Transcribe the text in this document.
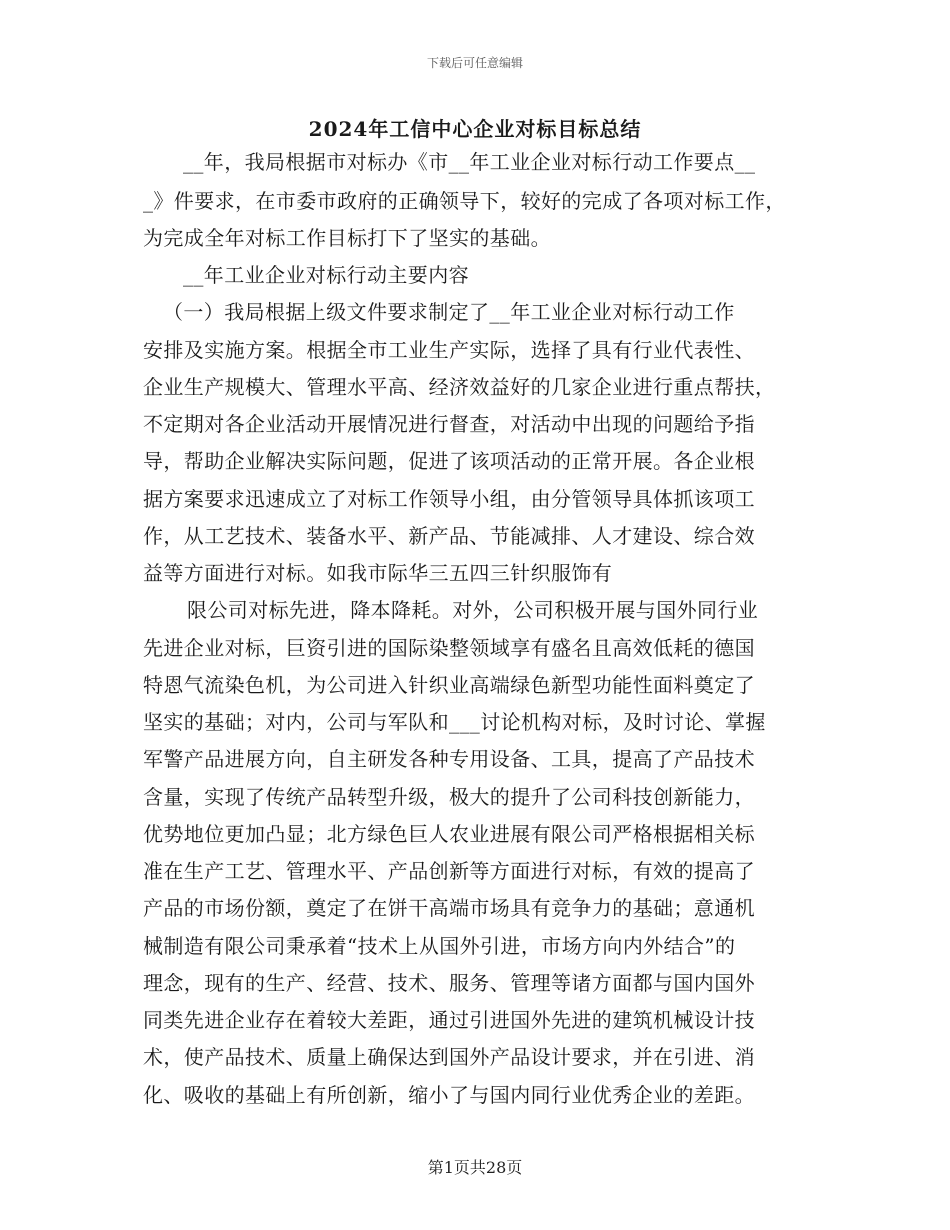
下载后可任意编辑
2024年工信中心企业对标目标总结
__年，我局根据市对标办《市__年工业企业对标行动工作要点__
_》件要求，在市委市政府的正确领导下，较好的完成了各项对标工作，
为完成全年对标工作目标打下了坚实的基础。
__年工业企业对标行动主要内容
（一）我局根据上级文件要求制定了__年工业企业对标行动工作
安排及实施方案。根据全市工业生产实际，选择了具有行业代表性、
企业生产规模大、管理水平高、经济效益好的几家企业进行重点帮扶，
不定期对各企业活动开展情况进行督查，对活动中出现的问题给予指
导，帮助企业解决实际问题，促进了该项活动的正常开展。各企业根
据方案要求迅速成立了对标工作领导小组，由分管领导具体抓该项工
作，从工艺技术、装备水平、新产品、节能减排、人才建设、综合效
益等方面进行对标。如我市际华三五四三针织服饰有
限公司对标先进，降本降耗。对外，公司积极开展与国外同行业
先进企业对标，巨资引进的国际染整领域享有盛名且高效低耗的德国
特恩气流染色机，为公司进入针织业高端绿色新型功能性面料奠定了
坚实的基础；对内，公司与军队和___讨论机构对标，及时讨论、掌握
军警产品进展方向，自主研发各种专用设备、工具，提高了产品技术
含量，实现了传统产品转型升级，极大的提升了公司科技创新能力，
优势地位更加凸显；北方绿色巨人农业进展有限公司严格根据相关标
准在生产工艺、管理水平、产品创新等方面进行对标，有效的提高了
产品的市场份额，奠定了在饼干高端市场具有竞争力的基础；意通机
械制造有限公司秉承着“技术上从国外引进，市场方向内外结合”的
理念，现有的生产、经营、技术、服务、管理等诸方面都与国内国外
同类先进企业存在着较大差距，通过引进国外先进的建筑机械设计技
术，使产品技术、质量上确保达到国外产品设计要求，并在引进、消
化、吸收的基础上有所创新，缩小了与国内同行业优秀企业的差距。
第1页共28页
